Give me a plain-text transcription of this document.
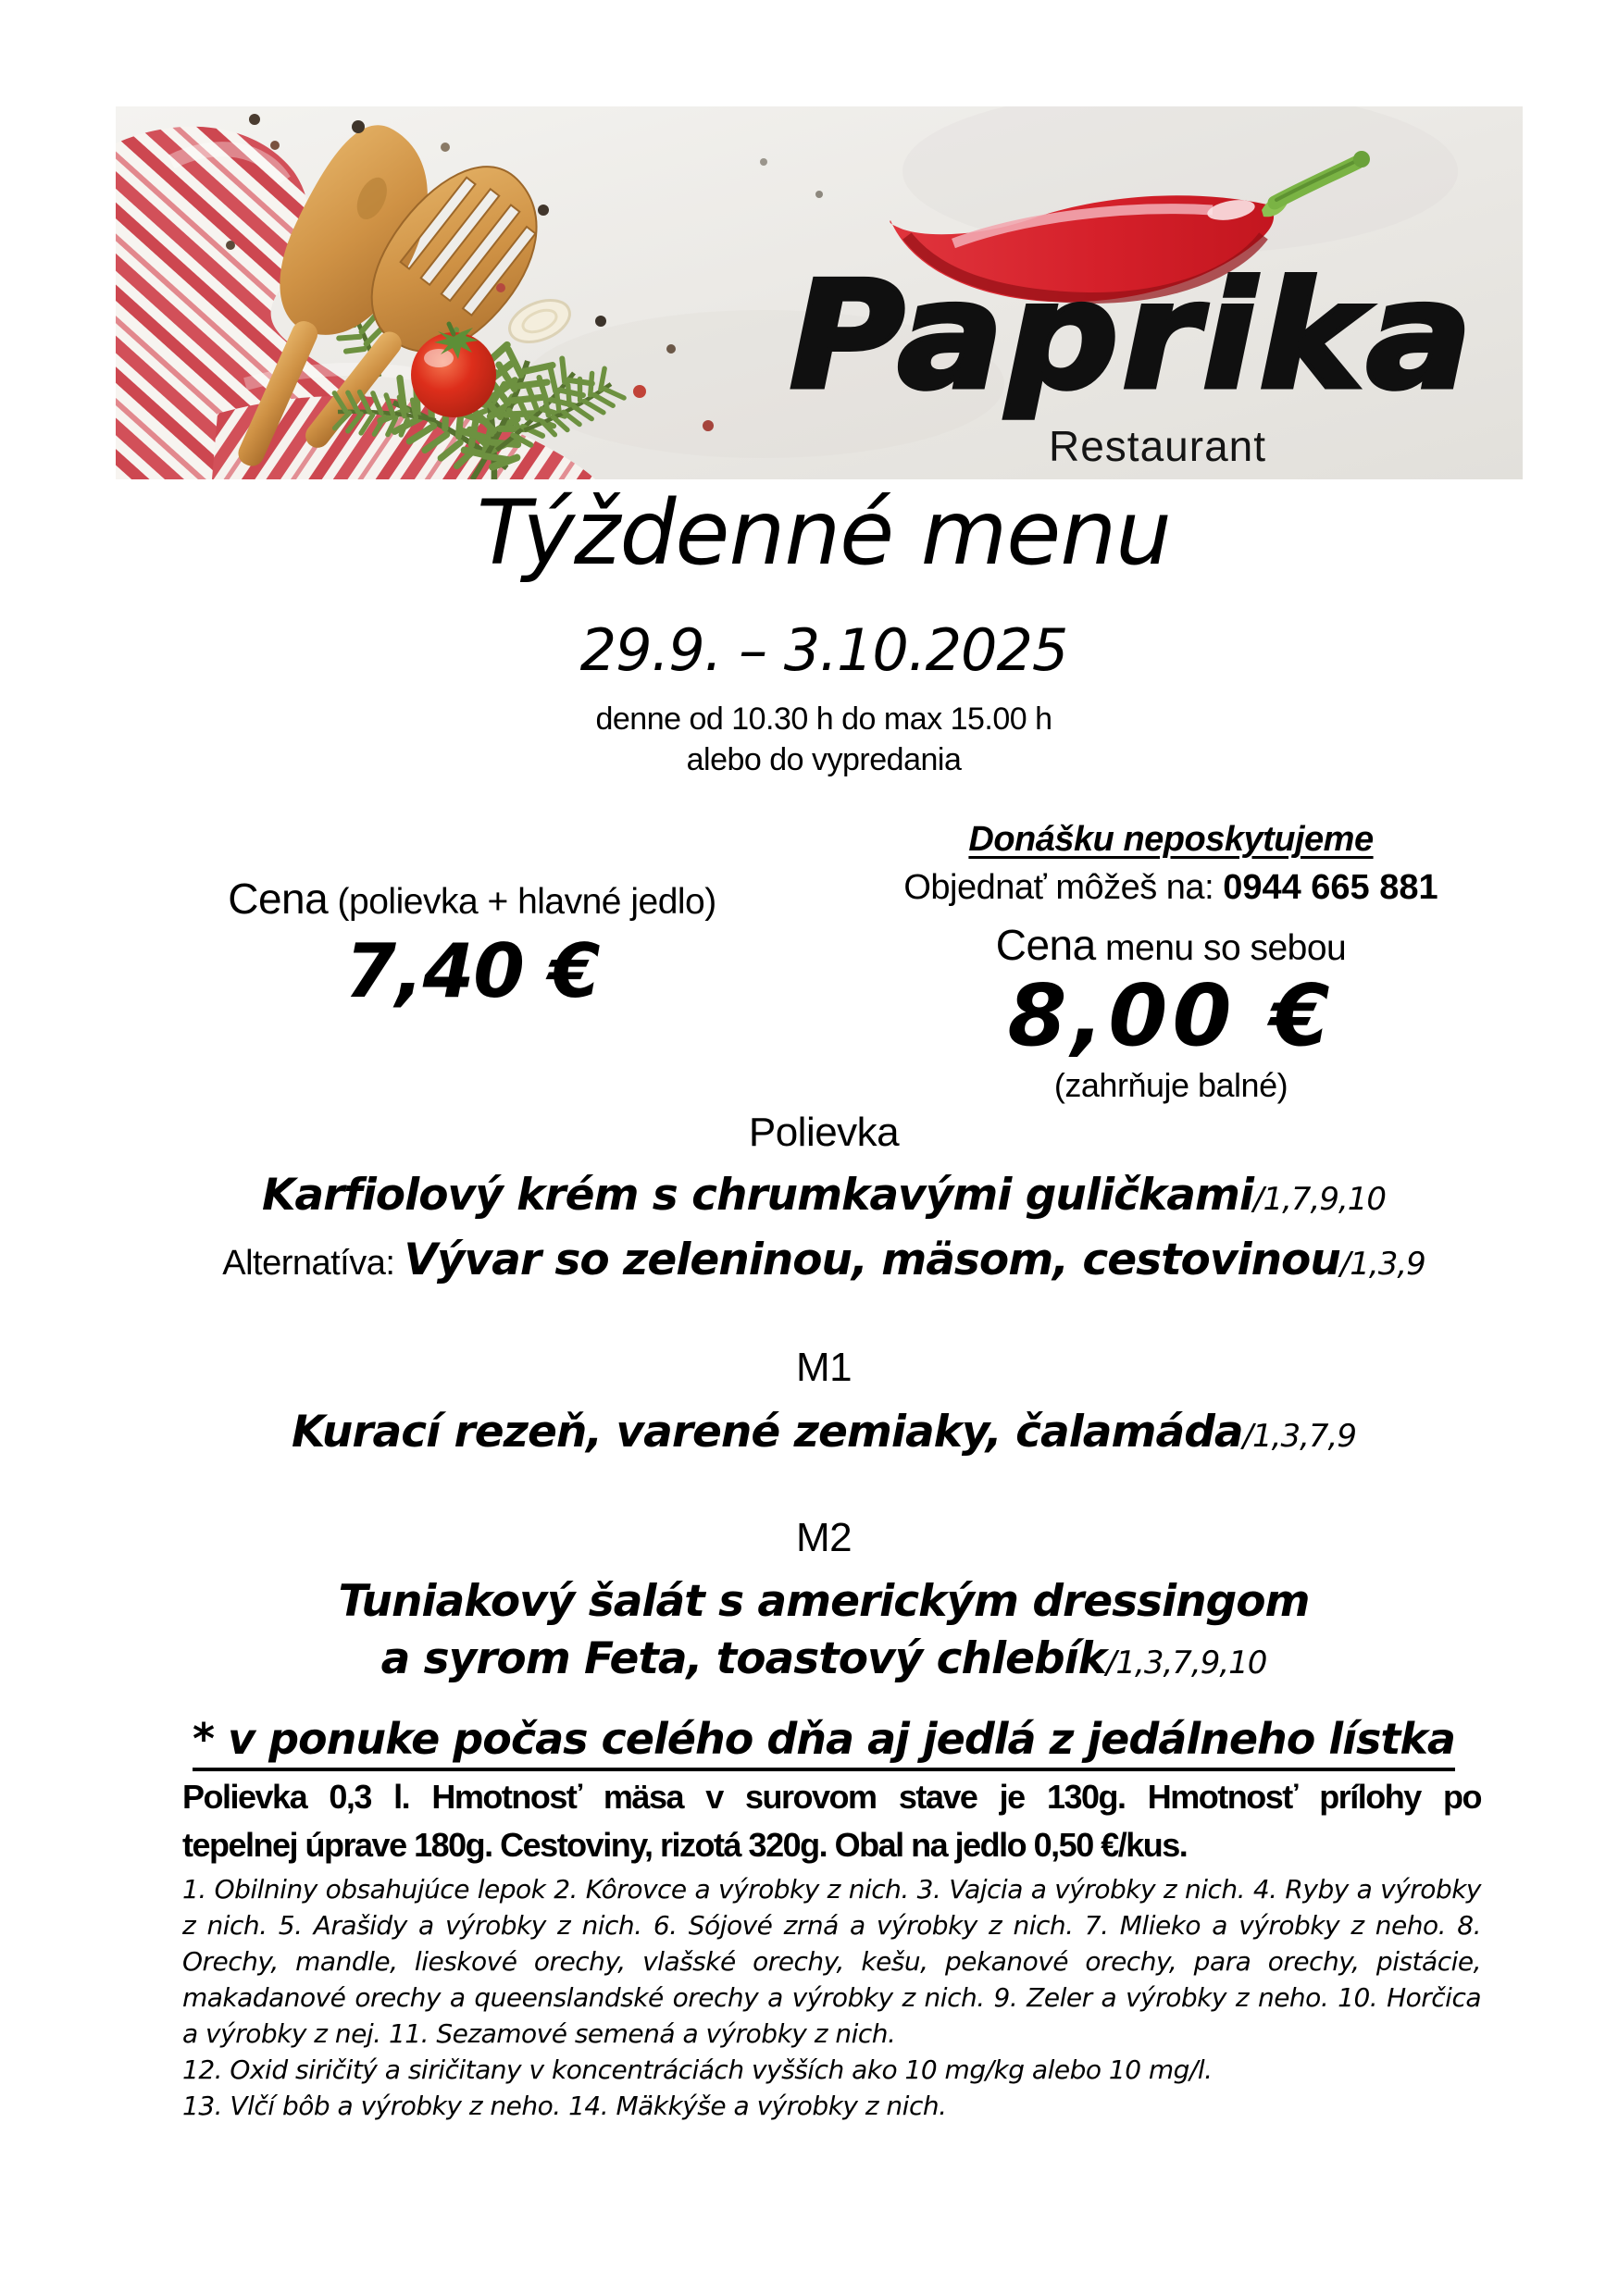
Paprika
Restaurant
Týždenné menu
29.9. – 3.10.2025
denne od 10.30 h do max 15.00 h
alebo do vypredania
Cena (polievka + hlavné jedlo)
7,40 €
Donášku neposkytujeme
Objednať môžeš na: 0944 665 881
Cena menu so sebou
8,00 €
(zahrňuje balné)
Polievka
Karfiolový krém s chrumkavými guličkami/1,7,9,10
Alternatíva: Vývar so zeleninou, mäsom, cestovinou/1,3,9
M1
Kurací rezeň, varené zemiaky, čalamáda/1,3,7,9
M2
Tuniakový šalát s americkým dressingom
a syrom Feta, toastový chlebík/1,3,7,9,10
* v ponuke počas celého dňa aj jedlá z jedálneho lístka
Polievka 0,3 l. Hmotnosť mäsa v surovom stave je 130g. Hmotnosť prílohy po
tepelnej úprave 180g. Cestoviny, rizotá 320g. Obal na jedlo 0,50 €/kus.
1. Obilniny obsahujúce lepok 2. Kôrovce a výrobky z nich. 3. Vajcia a výrobky z nich. 4. Ryby a výrobky
z nich. 5. Arašidy a výrobky z nich. 6. Sójové zrná a výrobky z nich. 7. Mlieko a výrobky z neho. 8.
Orechy, mandle, lieskové orechy, vlašské orechy, kešu, pekanové orechy, para orechy, pistácie,
makadanové orechy a queenslandské orechy a výrobky z nich. 9. Zeler a výrobky z neho. 10. Horčica
a výrobky z nej. 11. Sezamové semená a výrobky z nich.
12. Oxid siričitý a siričitany v koncentráciách vyšších ako 10 mg/kg alebo 10 mg/l.
13. Vlčí bôb a výrobky z neho. 14. Mäkkýše a výrobky z nich.
